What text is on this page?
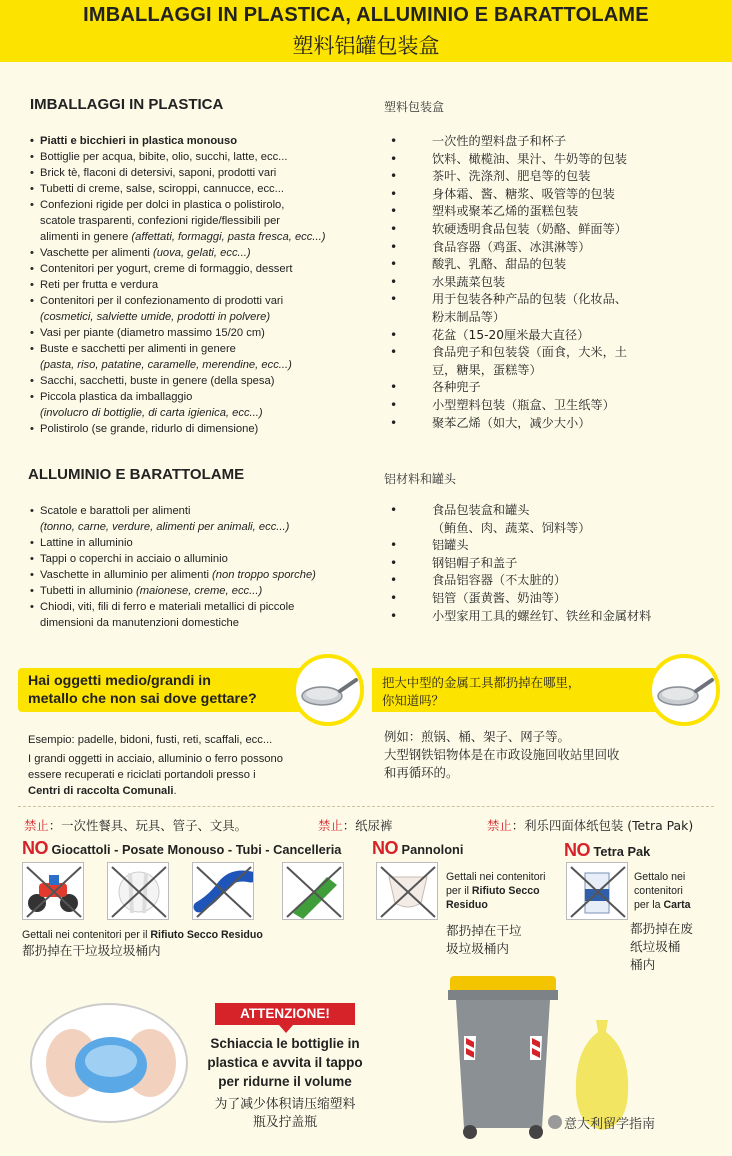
IMBALLAGGI IN PLASTICA, ALLUMINIO E BARATTOLAME
塑料铝罐包装盒
IMBALLAGGI IN PLASTICA	塑料包装盒
• Piatti e bicchieri in plastica monouso
• Bottiglie per acqua, bibite, olio, succhi, latte, ecc...
• Brick tè, flaconi di detersivi, saponi, prodotti vari
• Tubetti di creme, salse, sciroppi, cannucce, ecc...
• Confezioni rigide per dolci in plastica o polistirolo,
scatole trasparenti, confezioni rigide/flessibili per
alimenti in genere (affettati, formaggi, pasta fresca, ecc...)
• Vaschette per alimenti (uova, gelati, ecc...)
• Contenitori per yogurt, creme di formaggio, dessert
• Reti per frutta e verdura
• Contenitori per il confezionamento di prodotti vari
(cosmetici, salviette umide, prodotti in polvere)
• Vasi per piante (diametro massimo 15/20 cm)
• Buste e sacchetti per alimenti in genere
(pasta, riso, patatine, caramelle, merendine, ecc...)
• Sacchi, sacchetti, buste in genere (della spesa)
• Piccola plastica da imballaggio
(involucro di bottiglie, di carta igienica, ecc...)
• Polistirolo (se grande, ridurlo di dimensione)
• 一次性的塑料盘子和杯子
• 饮料、橄榄油、果汁、牛奶等的包装
• 茶叶、洗涤剂、肥皂等的包装
• 身体霜、酱、糖浆、吸管等的包装
• 塑料或聚苯乙烯的蛋糕包装
• 软硬透明食品包装（奶酪、鲜面等）
• 食品容器（鸡蛋、冰淇淋等）
• 酸乳、乳酪、甜品的包装
• 水果蔬菜包装
• 用于包装各种产品的包装（化妆品、
粉末制品等）
• 花盆（15-20厘米最大直径）
• 食品兜子和包装袋（面食，大米，土
豆，糖果，蛋糕等）
• 各种兜子
• 小型塑料包装（瓶盒、卫生纸等）
• 聚苯乙烯（如大，减少大小）
ALLUMINIO E BARATTOLAME	铝材料和罐头
• Scatole e barattoli per alimenti
(tonno, carne, verdure, alimenti per animali, ecc...)
• Lattine in alluminio
• Tappi o coperchi in acciaio o alluminio
• Vaschette in alluminio per alimenti (non troppo sporche)
• Tubetti in alluminio (maionese, creme, ecc...)
• Chiodi, viti, fili di ferro e materiali metallici di piccole
dimensioni da manutenzioni domestiche
• 食品包装盒和罐头
（鲔鱼、肉、蔬菜、饲料等）
• 铝罐头
• 钢铝帽子和盖子
• 食品铝容器（不太脏的）
• 铝管（蛋黄酱、奶油等）
• 小型家用工具的螺丝钉、铁丝和金属材料
Hai oggetti medio/grandi in
metallo che non sai dove gettare?
把大中型的金属工具都扔掉在哪里，
你知道吗？
Esempio: padelle, bidoni, fusti, reti, scaffali, ecc...
I grandi oggetti in acciaio, alluminio o ferro possono
essere recuperati e riciclati portandoli presso i
Centri di raccolta Comunali.
例如：煎锅、桶、架子、网子等。
大型钢铁铝物体是在市政设施回收站里回收
和再循环的。
禁止：一次性餐具、玩具、管子、文具。	禁止：纸尿裤	禁止：利乐四面体纸包装 (Tetra Pak)
NO Giocattoli - Posate Monouso - Tubi - Cancelleria NO Pannoloni	NO Tetra Pak
Gettali nei contenitori per il Rifiuto Secco Residuo
都扔掉在干垃圾垃圾桶内
Gettali nei contenitori
per il Rifiuto Secco
Residuo
都扔掉在干垃
圾垃圾桶内
Gettalo nei
contenitori
per la Carta
都扔掉在废
纸垃圾桶
桶内
ATTENZIONE!
Schiaccia le bottiglie in
plastica e avvita il tappo
per ridurne il volume
为了减少体积请压缩塑料
瓶及拧盖瓶	意大利留学指南
